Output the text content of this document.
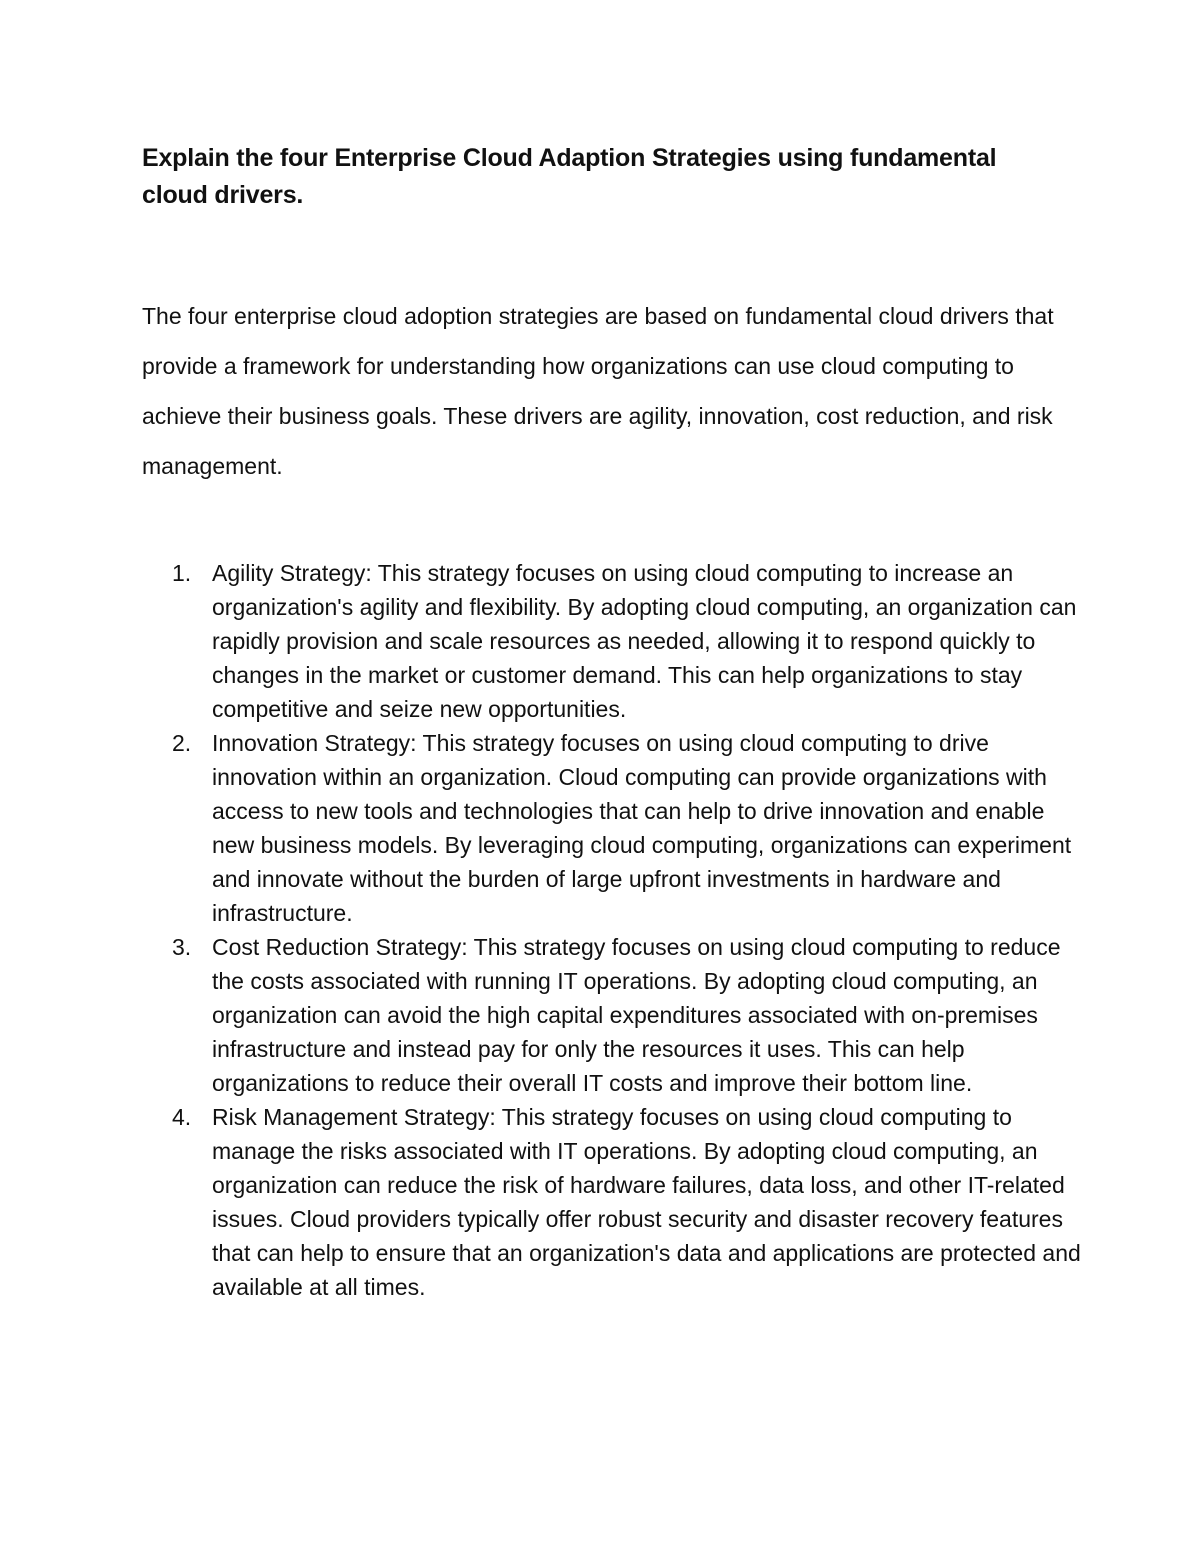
Explain the four Enterprise Cloud Adaption Strategies using fundamental cloud drivers.

The four enterprise cloud adoption strategies are based on fundamental cloud drivers that provide a framework for understanding how organizations can use cloud computing to achieve their business goals. These drivers are agility, innovation, cost reduction, and risk management.

1. Agility Strategy: This strategy focuses on using cloud computing to increase an organization's agility and flexibility. By adopting cloud computing, an organization can rapidly provision and scale resources as needed, allowing it to respond quickly to changes in the market or customer demand. This can help organizations to stay competitive and seize new opportunities.
2. Innovation Strategy: This strategy focuses on using cloud computing to drive innovation within an organization. Cloud computing can provide organizations with access to new tools and technologies that can help to drive innovation and enable new business models. By leveraging cloud computing, organizations can experiment and innovate without the burden of large upfront investments in hardware and infrastructure.
3. Cost Reduction Strategy: This strategy focuses on using cloud computing to reduce the costs associated with running IT operations. By adopting cloud computing, an organization can avoid the high capital expenditures associated with on-premises infrastructure and instead pay for only the resources it uses. This can help organizations to reduce their overall IT costs and improve their bottom line.
4. Risk Management Strategy: This strategy focuses on using cloud computing to manage the risks associated with IT operations. By adopting cloud computing, an organization can reduce the risk of hardware failures, data loss, and other IT-related issues. Cloud providers typically offer robust security and disaster recovery features that can help to ensure that an organization's data and applications are protected and available at all times.
